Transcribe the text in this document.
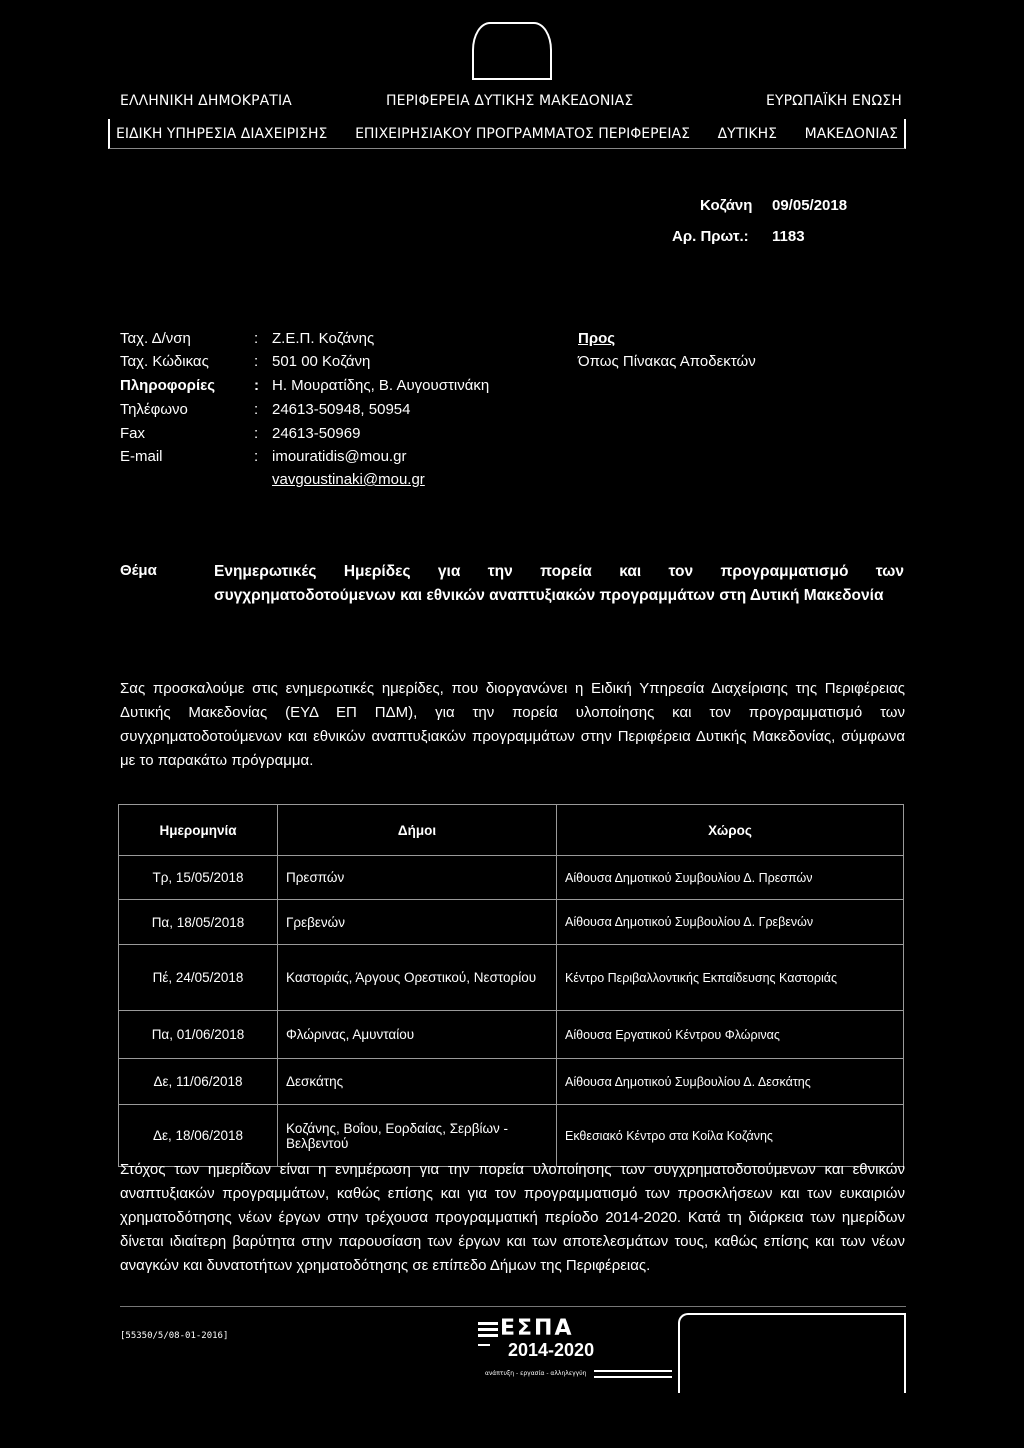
ΕΛΛΗΝΙΚΗ ΔΗΜΟΚΡΑΤΙΑ	ΠΕΡΙΦΕΡΕΙΑ ΔΥΤΙΚΗΣ ΜΑΚΕΔΟΝΙΑΣ	ΕΥΡΩΠΑΪΚΗ ΕΝΩΣΗ
ΕΙΔΙΚΗ ΥΠΗΡΕΣΙΑ ΔΙΑΧΕΙΡΙΣΗΣ ΕΠΙΧΕΙΡΗΣΙΑΚΟΥ ΠΡΟΓΡΑΜΜΑΤΟΣ ΠΕΡΙΦΕΡΕΙΑΣ ΔΥΤΙΚΗΣ ΜΑΚΕΔΟΝΙΑΣ
Κοζάνη 09/05/2018
Αρ. Πρωτ.: 1183
Ταχ. Δ/νση	: Ζ.Ε.Π. Κοζάνης
Ταχ. Κώδικας	: 501 00 Κοζάνη
Πληροφορίες	: Η. Μουρατίδης, Β. Αυγουστινάκη
Τηλέφωνο	: 24613-50948, 50954
Fax	: 24613-50969
E-mail	: imouratidis@mou.gr
vavgoustinaki@mou.gr
Προς
Όπως Πίνακας Αποδεκτών
Θέμα	Ενημερωτικές Ημερίδες για την πορεία και τον προγραμματισμό των συγχρηματοδοτούμενων και εθνικών αναπτυξιακών προγραμμάτων στη Δυτική Μακεδονία
Σας προσκαλούμε στις ενημερωτικές ημερίδες, που διοργανώνει η Ειδική Υπηρεσία Διαχείρισης της Περιφέρειας Δυτικής Μακεδονίας (ΕΥΔ ΕΠ ΠΔΜ), για την πορεία υλοποίησης και τον προγραμματισμό των συγχρηματοδοτούμενων και εθνικών αναπτυξιακών προγραμμάτων στην Περιφέρεια Δυτικής Μακεδονίας, σύμφωνα με το παρακάτω πρόγραμμα.
Ημερομηνία	Δήμοι	Χώρος
Τρ, 15/05/2018	Πρεσπών	Αίθουσα Δημοτικού Συμβουλίου Δ. Πρεσπών
Πα, 18/05/2018	Γρεβενών	Αίθουσα Δημοτικού Συμβουλίου Δ. Γρεβενών
Πέ, 24/05/2018	Καστοριάς, Άργους Ορεστικού, Νεστορίου	Κέντρο Περιβαλλοντικής Εκπαίδευσης Καστοριάς
Πα, 01/06/2018	Φλώρινας, Αμυνταίου	Αίθουσα Εργατικού Κέντρου Φλώρινας
Δε, 11/06/2018	Δεσκάτης	Αίθουσα Δημοτικού Συμβουλίου Δ. Δεσκάτης
Δε, 18/06/2018	Κοζάνης, Βοΐου, Εορδαίας, Σερβίων - Βελβεντού	Εκθεσιακό Κέντρο στα Κοίλα Κοζάνης
Στόχος των ημερίδων είναι η ενημέρωση για την πορεία υλοποίησης των συγχρηματοδοτούμενων και εθνικών αναπτυξιακών προγραμμάτων, καθώς επίσης και για τον προγραμματισμό των προσκλήσεων και των ευκαιριών χρηματοδότησης νέων έργων στην τρέχουσα προγραμματική περίοδο 2014-2020. Κατά τη διάρκεια των ημερίδων δίνεται ιδιαίτερη βαρύτητα στην παρουσίαση των έργων και των αποτελεσμάτων τους, καθώς επίσης και των νέων αναγκών και δυνατοτήτων χρηματοδότησης σε επίπεδο Δήμων της Περιφέρειας.
[55350/5/08-01-2016]	ΕΣΠΑ
2014-2020
ανάπτυξη - εργασία - αλληλεγγύη
